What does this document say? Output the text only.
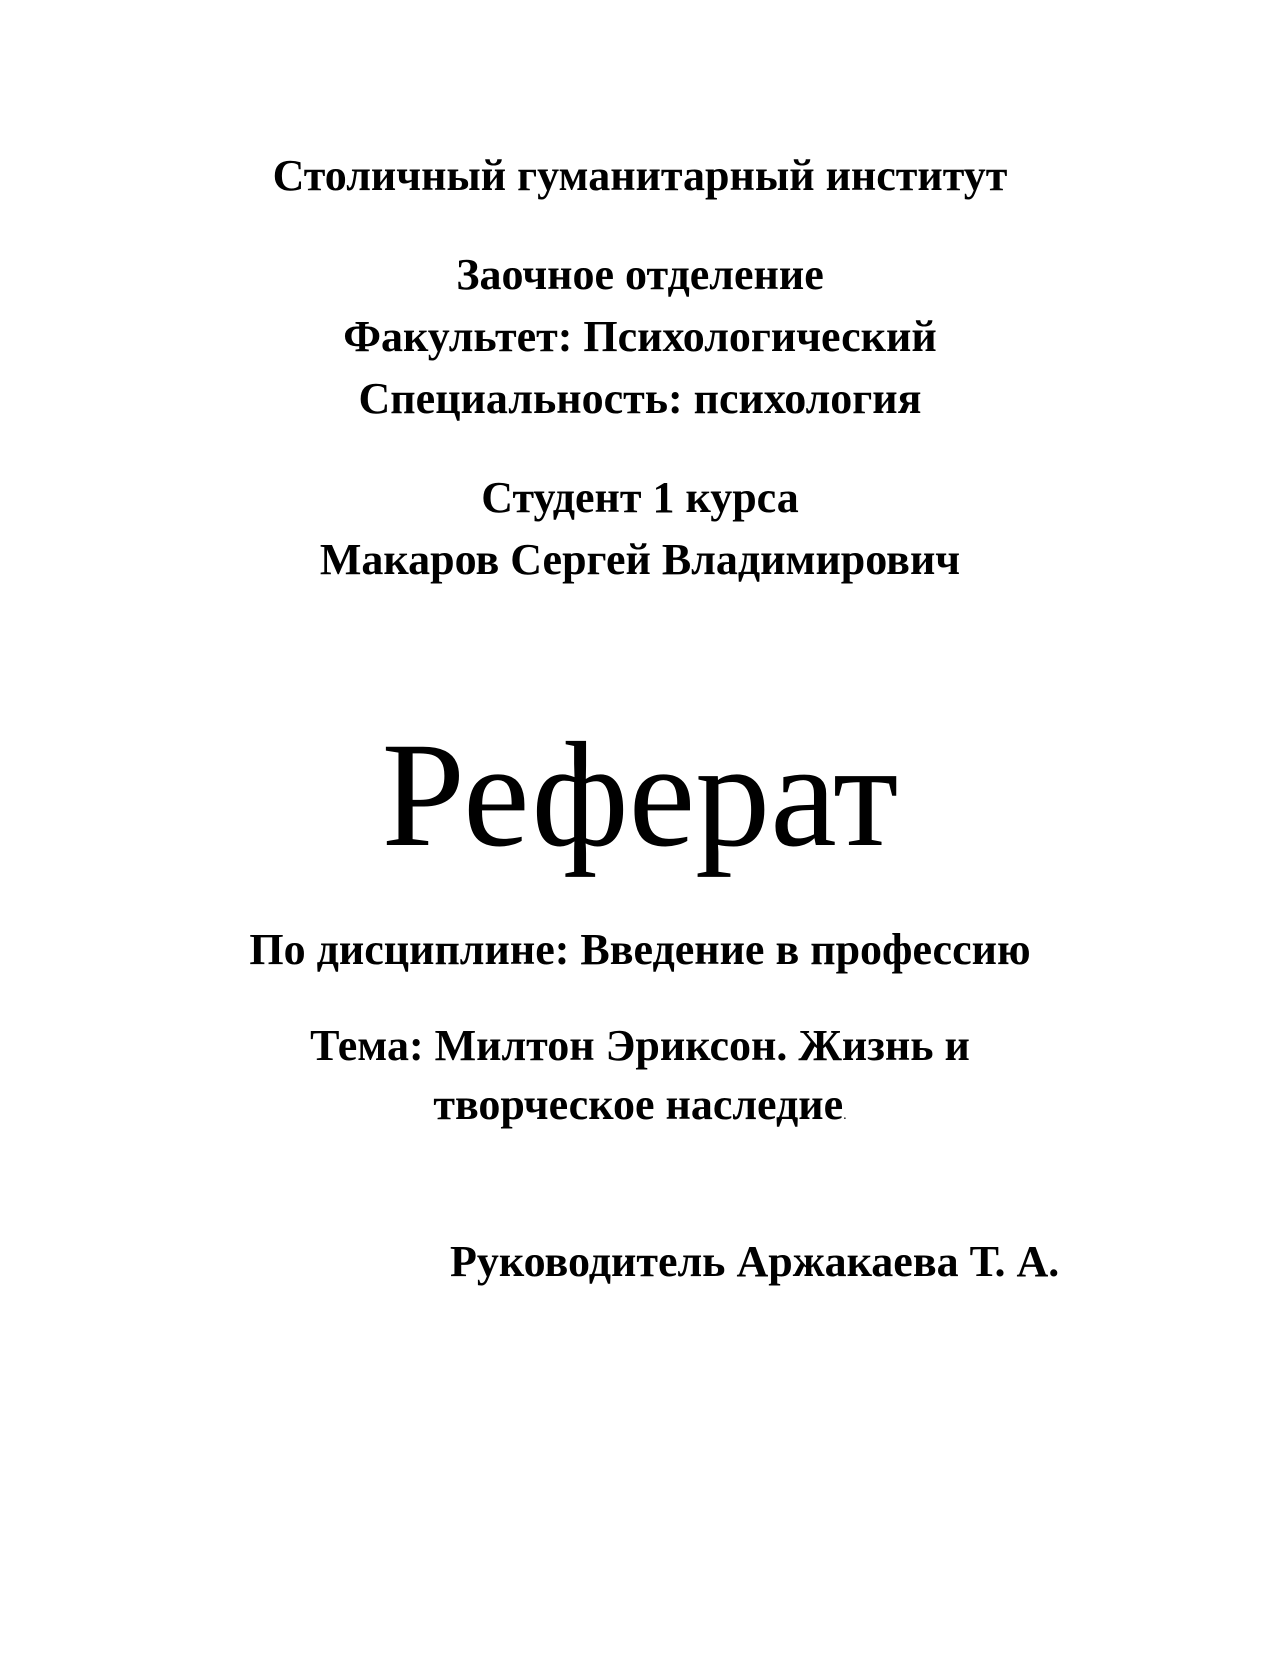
Столичный гуманитарный институт
Заочное отделение
Факультет: Психологический
Специальность: психология
Студент 1 курса
Макаров Сергей Владимирович
Реферат
По дисциплине: Введение в профессию
Тема: Милтон Эриксон. Жизнь и
творческое наследие.
Руководитель Аржакаева Т. А.
